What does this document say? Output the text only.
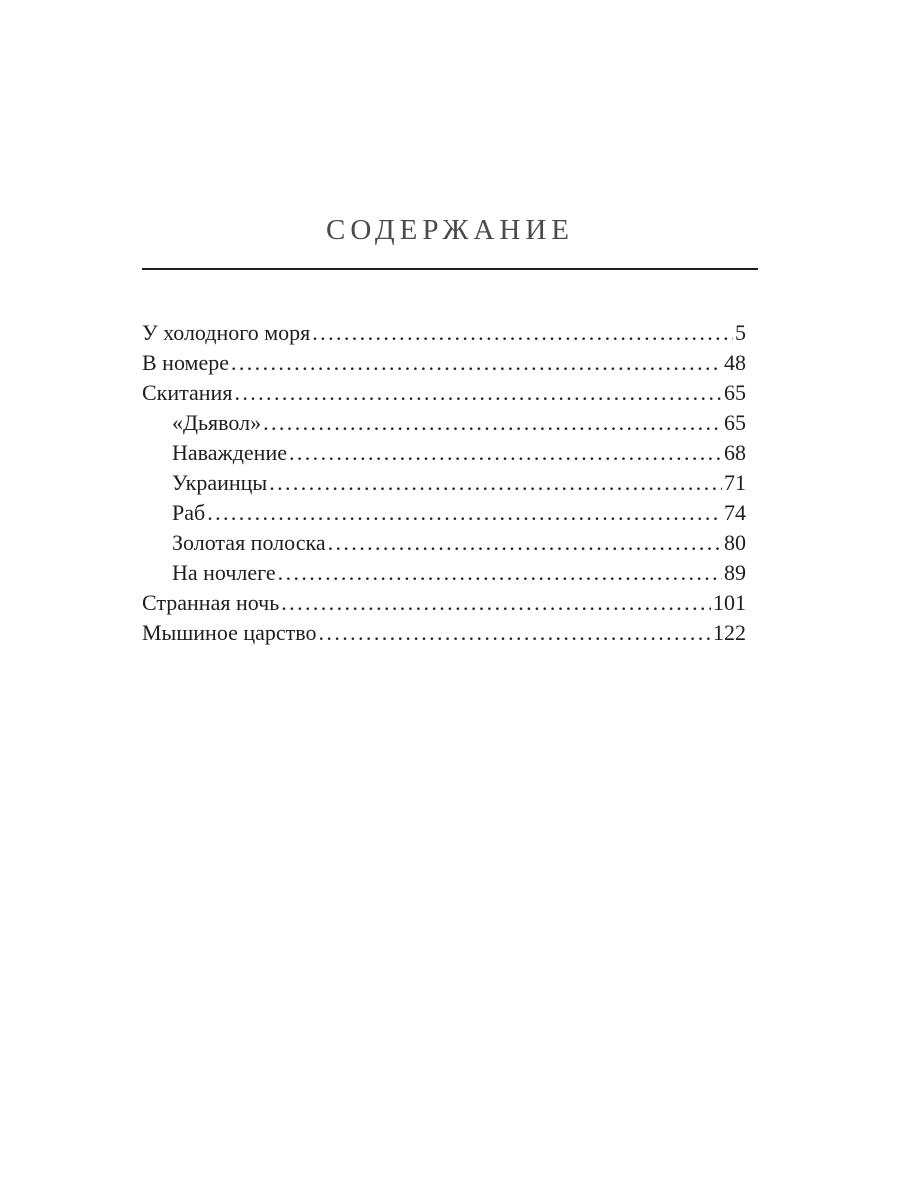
СОДЕРЖАНИЕ
У холодного моря .....	5
В номере .....	48
Скитания .....	65
«Дьявол» .....	65
Наваждение .....	68
Украинцы .....	71
Раб .....	74
Золотая полоска .....	80
На ночлеге .....	89
Странная ночь .....	101
Мышиное царство .....	122
